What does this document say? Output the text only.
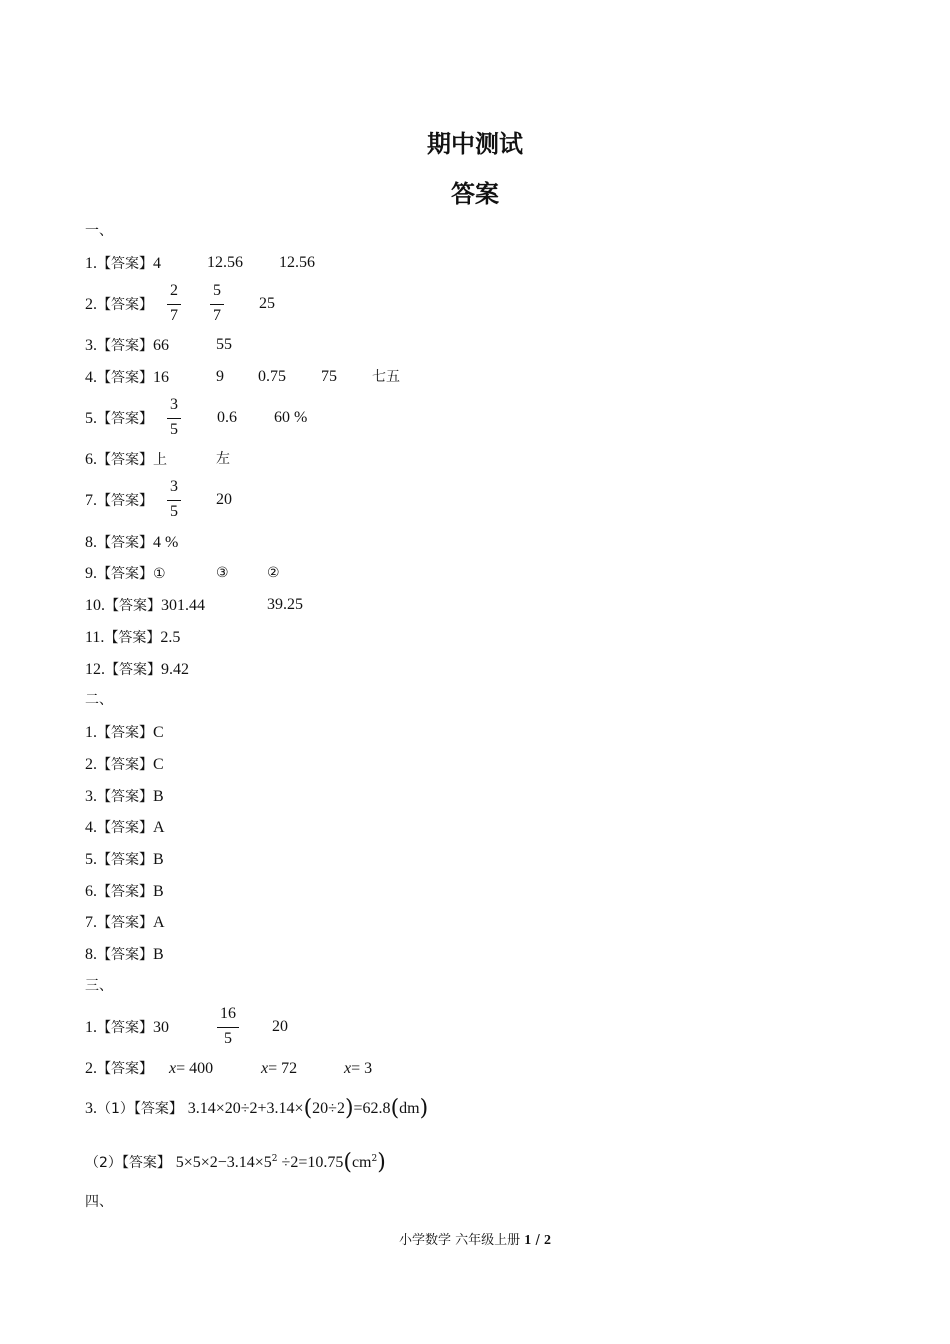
期中测试
答案
一、
1.【答案】4	12.56 12.56
2.【答案】	25
2
7
5
7
3.【答案】66	55
4.【答案】16	9 0.75 75	七五
5.【答案】	0.6 60 %
3
5
6.【答案】上	左
7.【答案】	20
3
5
8.【答案】4 %
9.【答案】①	③	②
10.【答案】301.44	39.25
11.【答案】2.5
12.【答案】9.42
二、
1.【答案】C
2.【答案】C
3.【答案】B
4.【答案】A
5.【答案】B
6.【答案】B
7.【答案】A
8.【答案】B
三、
1.【答案】30	20
16
5
2.【答案】 x= 400	x= 72	x= 3
3.（1）【答案】 3.14×20÷2+3.14×(20÷2)=62.8(dm)
（2）【答案】 $5\times 5\times 2-3.14\times 5^2 \div 2=10.75(cm^2)$
四、
小学数学 六年级上册 1 / 2
